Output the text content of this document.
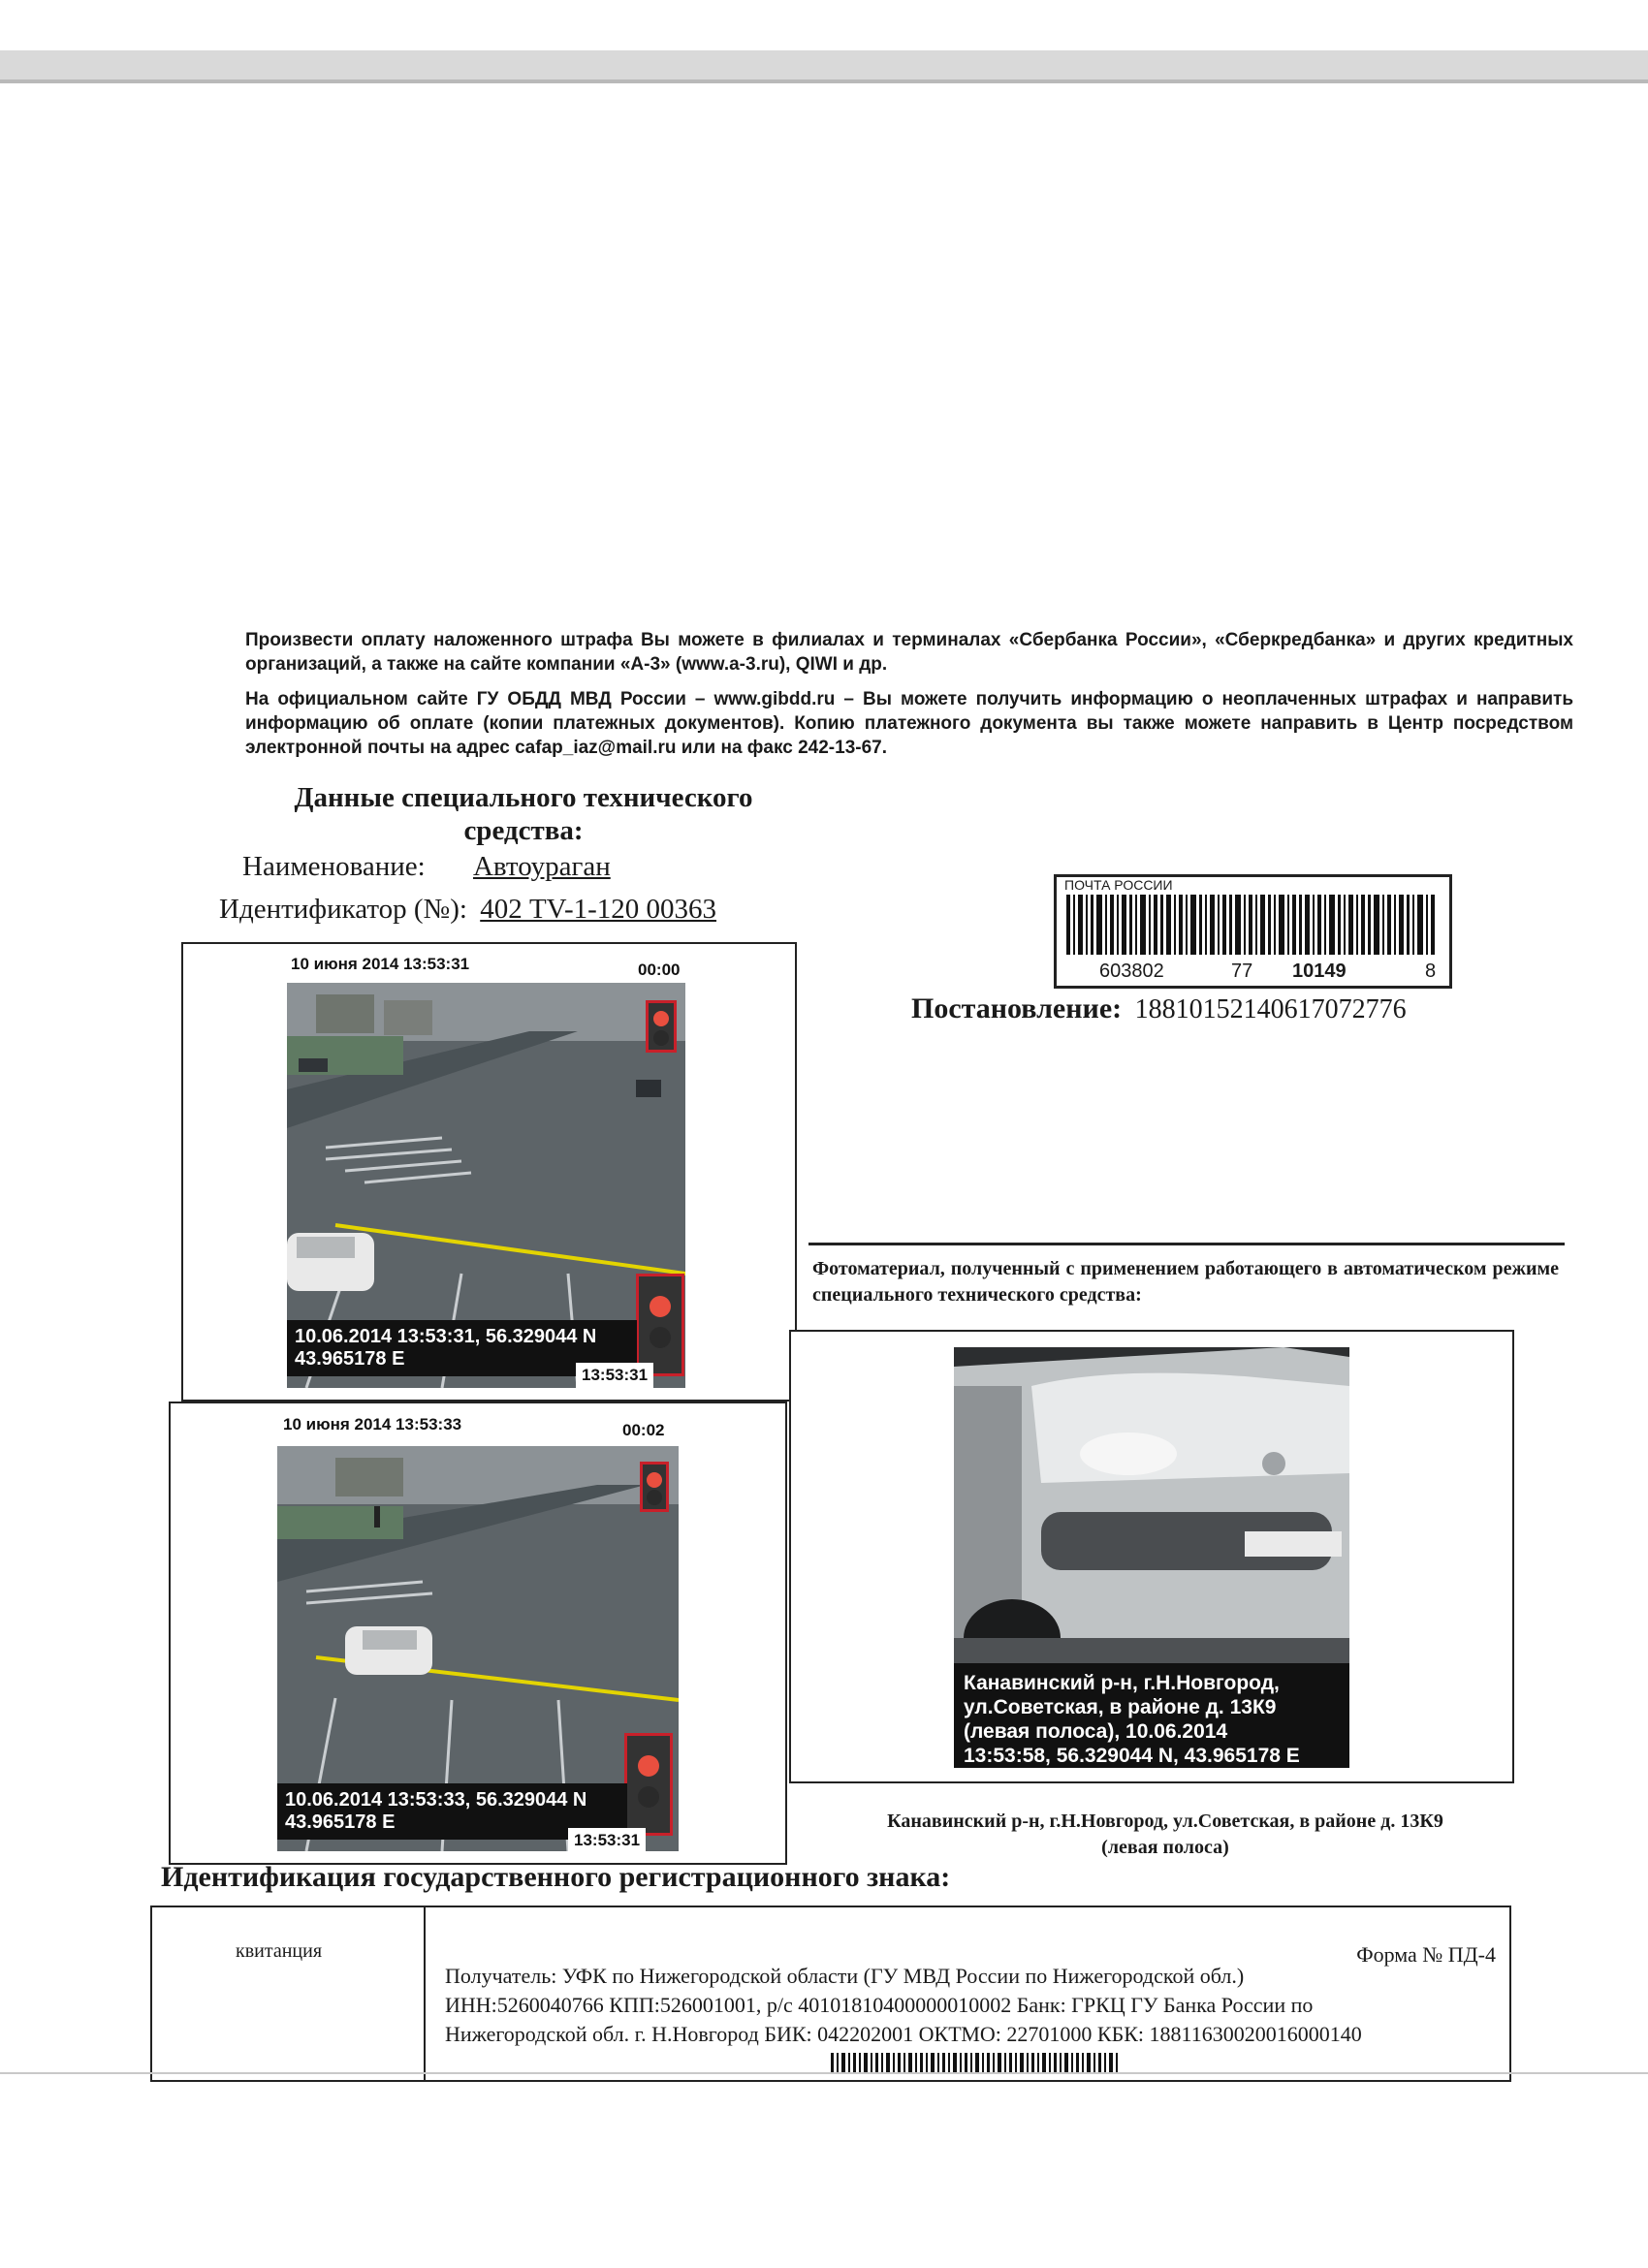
Произвести оплату наложенного штрафа Вы можете в филиалах и терминалах «Сбербанка России», «Сберкредбанка» и других кредитных организаций, а также на сайте компании «А-3» (www.a-3.ru), QIWI и др.

На официальном сайте ГУ ОБДД МВД России – www.gibdd.ru – Вы можете получить информацию о неоплаченных штрафах и направить информацию об оплате (копии платежных документов). Копию платежного документа вы также можете направить в Центр посредством электронной почты на адрес cafap_iaz@mail.ru или на факс 242-13-67.

Данные специального технического
средства:
Наименование: Автоураган
Идентификатор (№): 402 TV-1-120 00363
10 июня 2014 13:53:31	00:00
10.06.2014 13:53:31, 56.329044 N
43.965178 E
13:53:31
10 июня 2014 13:53:33	00:02
10.06.2014 13:53:33, 56.329044 N
43.965178 E
13:53:31
ПОЧТА РОССИИ
603802	77 10149	8
Постановление: 18810152140617072776
Фотоматериал, полученный с применением работающего в автоматическом режиме специального технического средства:
Канавинский р-н, г.Н.Новгород,
ул.Советская, в районе д. 13К9
(левая полоса), 10.06.2014
13:53:58, 56.329044 N, 43.965178 E
Канавинский р-н, г.Н.Новгород, ул.Советская, в районе д. 13К9
(левая полоса)
Идентификация государственного регистрационного знака:
квитанция	Форма № ПД-4
Получатель: УФК по Нижегородской области (ГУ МВД России по Нижегородской обл.)
ИНН:5260040766 КПП:526001001, р/с 40101810400000010002 Банк: ГРКЦ ГУ Банка России по
Нижегородской обл. г. Н.Новгород БИК: 042202001 ОКТМО: 22701000 КБК: 18811630020016000140
